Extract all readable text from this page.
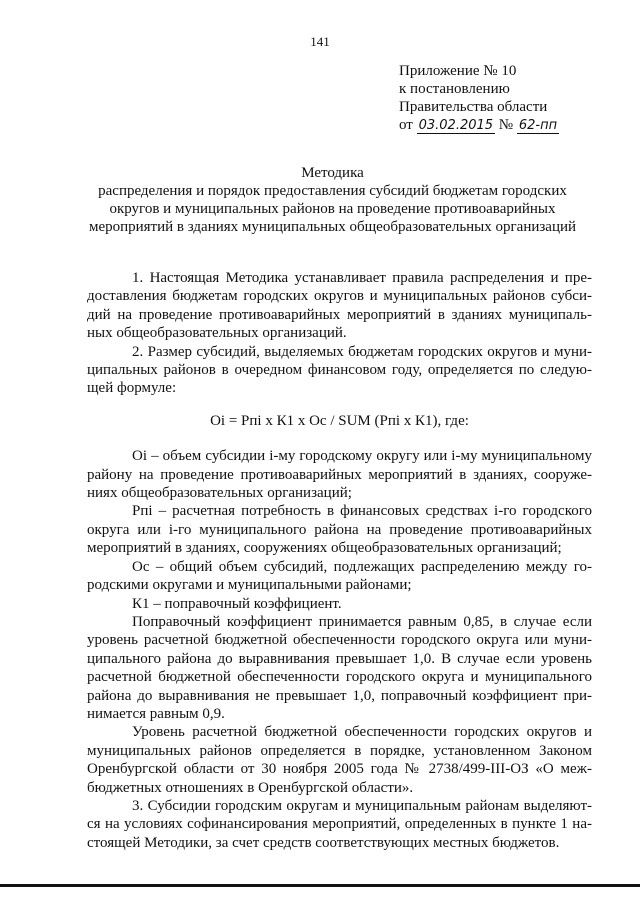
141
Приложение № 10
к постановлению
Правительства области
от 03.02.2015 № 62-пп
Методика
распределения и порядок предоставления субсидий бюджетам городских
округов и муниципальных районов на проведение противоаварийных
мероприятий в зданиях муниципальных общеобразовательных организаций
1. Настоящая Методика устанавливает правила распределения и пре-
доставления бюджетам городских округов и муниципальных районов субси-
дий на проведение противоаварийных мероприятий в зданиях муниципаль-
ных общеобразовательных организаций.
2. Размер субсидий, выделяемых бюджетам городских округов и муни-
ципальных районов в очередном финансовом году, определяется по следую-
щей формуле:
Oi = Pпi х К1 х Ос / SUM (Pпi х К1), где:
Оi – объем субсидии i-му городскому округу или i-му муниципальному
району на проведение противоаварийных мероприятий в зданиях, сооруже-
ниях общеобразовательных организаций;
Рпi – расчетная потребность в финансовых средствах i-го городского
округа или i-го муниципального района на проведение противоаварийных
мероприятий в зданиях, сооружениях общеобразовательных организаций;
Ос – общий объем субсидий, подлежащих распределению между го-
родскими округами и муниципальными районами;
К1 – поправочный коэффициент.
Поправочный коэффициент принимается равным 0,85, в случае если
уровень расчетной бюджетной обеспеченности городского округа или муни-
ципального района до выравнивания превышает 1,0. В случае если уровень
расчетной бюджетной обеспеченности городского округа и муниципального
района до выравнивания не превышает 1,0, поправочный коэффициент при-
нимается равным 0,9.
Уровень расчетной бюджетной обеспеченности городских округов и
муниципальных районов определяется в порядке, установленном Законом
Оренбургской области от 30 ноября 2005 года № 2738/499-III-ОЗ «О меж-
бюджетных отношениях в Оренбургской области».
3. Субсидии городским округам и муниципальным районам выделяют-
ся на условиях софинансирования мероприятий, определенных в пункте 1 на-
стоящей Методики, за счет средств соответствующих местных бюджетов.
